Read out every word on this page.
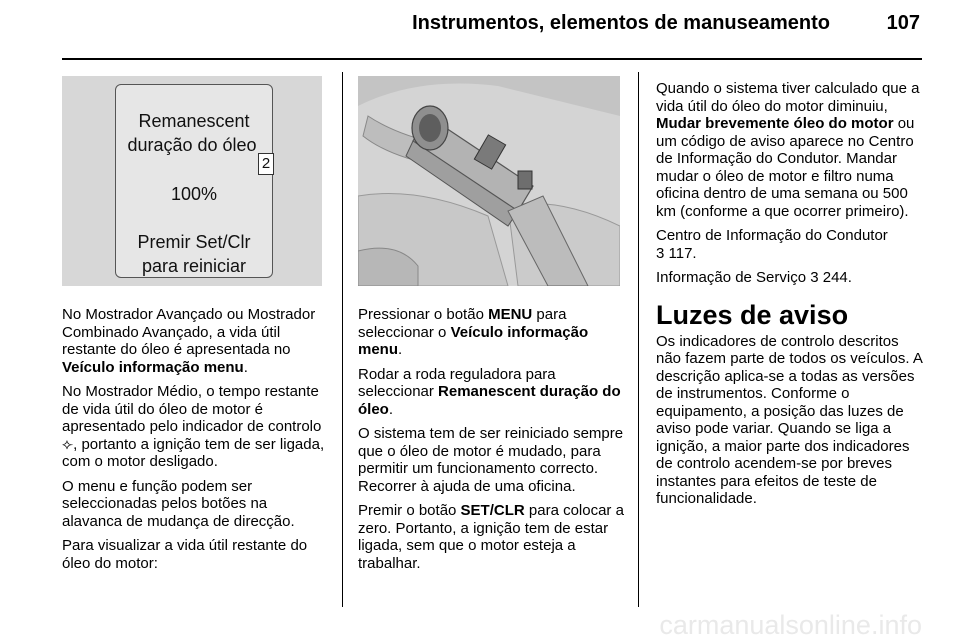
Instrumentos, elementos de manuseamento	107
Remanescent
duração do óleo
2
100%
Premir Set/Clr
para reiniciar

No Mostrador Avançado ou Mostrador Combinado Avançado, a vida útil restante do óleo é apresentada no Veículo informação menu.

No Mostrador Médio, o tempo restante de vida útil do óleo de motor é apresentado pelo indicador de controlo ⟣, portanto a ignição tem de ser ligada, com o motor desligado.

O menu e função podem ser seleccionadas pelos botões na alavanca de mudança de direcção.

Para visualizar a vida útil restante do óleo do motor:

Pressionar o botão MENU para seleccionar o Veículo informação menu.

Rodar a roda reguladora para seleccionar Remanescent duração do óleo.

O sistema tem de ser reiniciado sempre que o óleo de motor é mudado, para permitir um funcionamento correcto. Recorrer à ajuda de uma oficina.

Premir o botão SET/CLR para colocar a zero. Portanto, a ignição tem de estar ligada, sem que o motor esteja a trabalhar.

Quando o sistema tiver calculado que a vida útil do óleo do motor diminuiu, Mudar brevemente óleo do motor ou um código de aviso aparece no Centro de Informação do Condutor. Mandar mudar o óleo de motor e filtro numa oficina dentro de uma semana ou 500 km (conforme a que ocorrer primeiro).

Centro de Informação do Condutor
3 117.

Informação de Serviço 3 244.

Luzes de aviso

Os indicadores de controlo descritos não fazem parte de todos os veículos. A descrição aplica-se a todas as versões de instrumentos. Conforme o equipamento, a posição das luzes de aviso pode variar. Quando se liga a ignição, a maior parte dos indicadores de controlo acendem-se por breves instantes para efeitos de teste de funcionalidade.

carmanualsonline.info
